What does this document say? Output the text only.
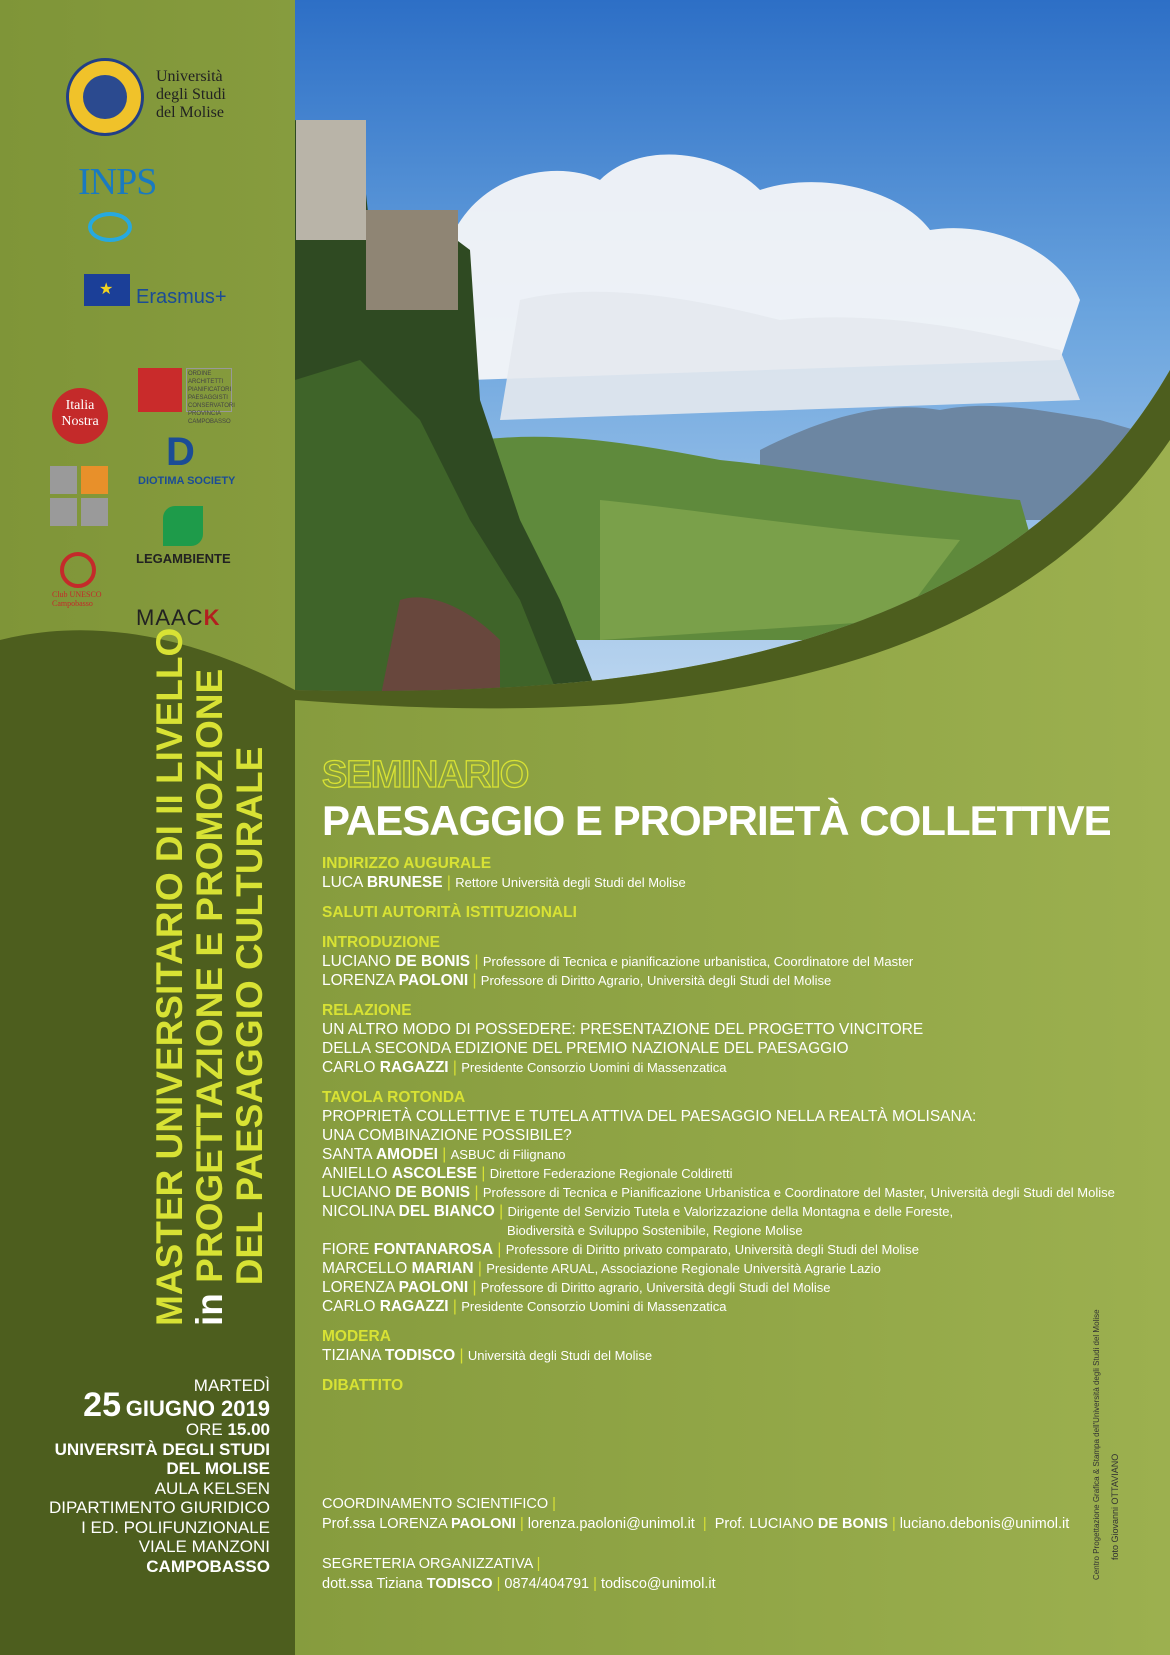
Università degli Studi del Molise
INPS
★
Erasmus+
Italia Nostra
ORDINE ARCHITETTI PIANIFICATORI PAESAGGISTI CONSERVATORI PROVINCIA CAMPOBASSO
D
DIOTIMA SOCIETY
Club UNESCO Campobasso
LEGAMBIENTE
MAACK
MASTER UNIVERSITARIO DI II LIVELLO in PROGETTAZIONE E PROMOZIONE DEL PAESAGGIO CULTURALE
MARTEDÌ
25 GIUGNO 2019
ORE 15.00
UNIVERSITÀ DEGLI STUDI
DEL MOLISE
AULA KELSEN
DIPARTIMENTO GIURIDICO
I ED. POLIFUNZIONALE
VIALE MANZONI
CAMPOBASSO
SEMINARIO
PAESAGGIO E PROPRIETÀ COLLETTIVE
INDIRIZZO AUGURALE
LUCA BRUNESE | Rettore Università degli Studi del Molise
SALUTI AUTORITÀ ISTITUZIONALI
INTRODUZIONE
LUCIANO DE BONIS | Professore di Tecnica e pianificazione urbanistica, Coordinatore del Master
LORENZA PAOLONI | Professore di Diritto Agrario, Università degli Studi del Molise
RELAZIONE
UN ALTRO MODO DI POSSEDERE: PRESENTAZIONE DEL PROGETTO VINCITORE
DELLA SECONDA EDIZIONE DEL PREMIO NAZIONALE DEL PAESAGGIO
CARLO RAGAZZI | Presidente Consorzio Uomini di Massenzatica
TAVOLA ROTONDA
PROPRIETÀ COLLETTIVE E TUTELA ATTIVA DEL PAESAGGIO NELLA REALTÀ MOLISANA:
UNA COMBINAZIONE POSSIBILE?
SANTA AMODEI | ASBUC di Filignano
ANIELLO ASCOLESE | Direttore Federazione Regionale Coldiretti
LUCIANO DE BONIS | Professore di Tecnica e Pianificazione Urbanistica e Coordinatore del Master, Università degli Studi del Molise
NICOLINA DEL BIANCO | Dirigente del Servizio Tutela e Valorizzazione della Montagna e delle Foreste,
Biodiversità e Sviluppo Sostenibile, Regione Molise
FIORE FONTANAROSA | Professore di Diritto privato comparato, Università degli Studi del Molise
MARCELLO MARIAN | Presidente ARUAL, Associazione Regionale Università Agrarie Lazio
LORENZA PAOLONI | Professore di Diritto agrario, Università degli Studi del Molise
CARLO RAGAZZI | Presidente Consorzio Uomini di Massenzatica
MODERA
TIZIANA TODISCO | Università degli Studi del Molise
DIBATTITO
COORDINAMENTO SCIENTIFICO |
Prof.ssa LORENZA PAOLONI | lorenza.paoloni@unimol.it  |  Prof. LUCIANO DE BONIS | luciano.debonis@unimol.it
SEGRETERIA ORGANIZZATIVA |
dott.ssa Tiziana TODISCO | 0874/404791 | todisco@unimol.it
Centro Progettazione Grafica & Stampa dell'Università degli Studi del Molise foto Giovanni OTTAVIANO
